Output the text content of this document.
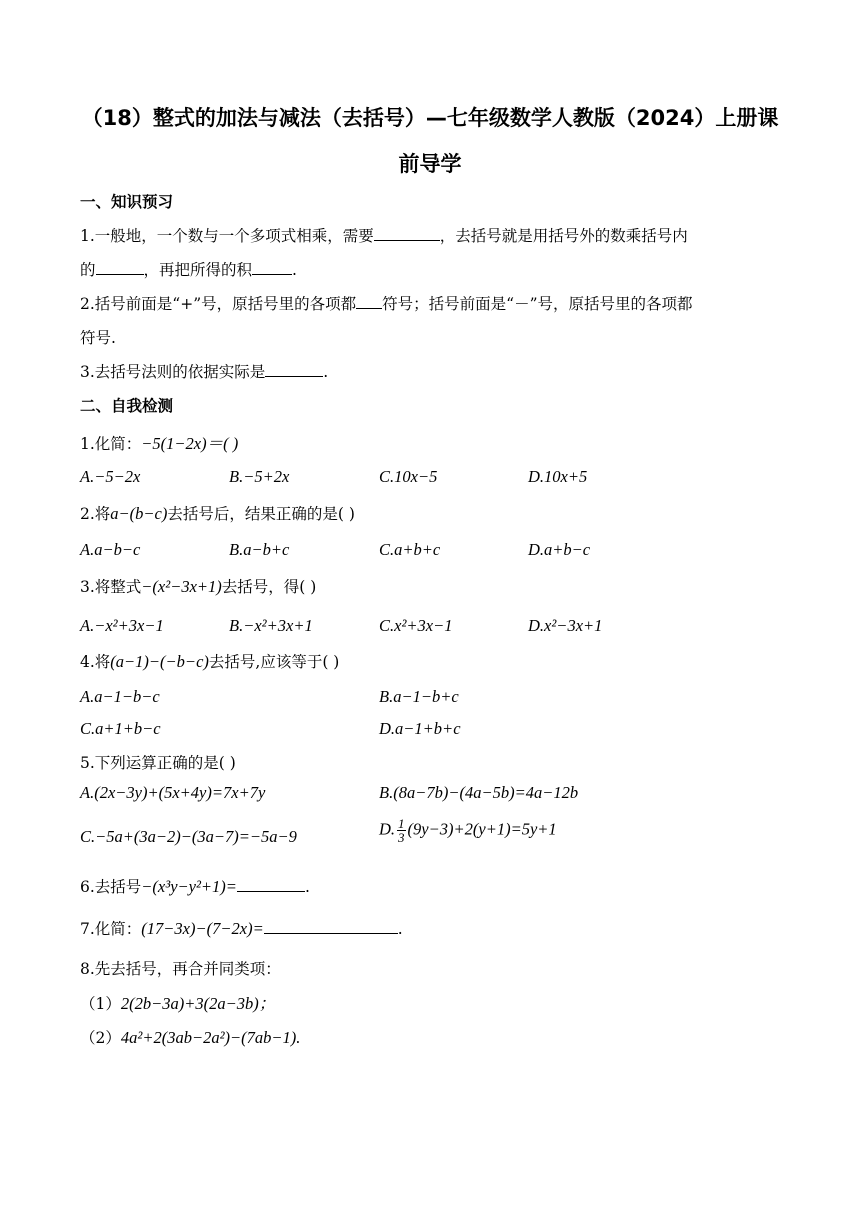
（18）整式的加法与减法（去括号）—七年级数学人教版（2024）上册课
前导学
一、知识预习
1.一般地，一个数与一个多项式相乘，需要	，去括号就是用括号外的数乘括号内
的	，再把所得的积	.
2.括号前面是“+”号，原括号里的各项都 符号；括号前面是“－”号，原括号里的各项都
符号.
3.去括号法则的依据实际是	.
二、自我检测
1.化简：−5(1−2x)＝( )
A.−5−2x	B.−5+2x	C.10x−5	D.10x+5
2.将a−(b−c)去括号后，结果正确的是( )
A.a−b−c	B.a−b+c	C.a+b+c	D.a+b−c
3.将整式−(x²−3x+1)去括号，得( )
A.−x²+3x−1	B.−x²+3x+1	C.x²+3x−1	D.x²−3x+1
4.将(a−1)−(−b−c)去括号,应该等于( )
A.a−1−b−c	B.a−1−b+c
C.a+1+b−c	D.a−1+b+c
5.下列运算正确的是( )
A.(2x−3y)+(5x+4y)=7x+7y	B.(8a−7b)−(4a−5b)=4a−12b
C.−5a+(3a−2)−(3a−7)=−5a−9	D. $\frac{1}{3} (9y-3)+2(y+1)=5y+1$
6.去括号−(x³y−y²+1)=	.
7.化简：(17−3x)−(7−2x)=	.
8.先去括号，再合并同类项：
（1）2(2b−3a)+3(2a−3b)；
（2）4a²+2(3ab−2a²)−(7ab−1).
